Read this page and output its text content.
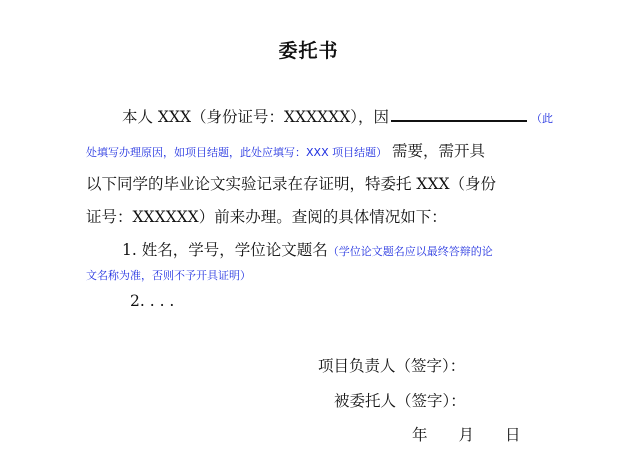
委托书
本人 XXX（身份证号：XXXXXX），因	（此
处填写办理原因，如项目结题，此处应填写：XXX 项目结题） 需要，需开具
以下同学的毕业论文实验记录在存证明，特委托 XXX（身份
证号：XXXXXX）前来办理。查阅的具体情况如下：
1. 姓名，学号，学位论文题名（学位论文题名应以最终答辩的论
文名称为准，否则不予开具证明）
2. . . .
项目负责人（签字）：
被委托人（签字）：
年　　月　　日
